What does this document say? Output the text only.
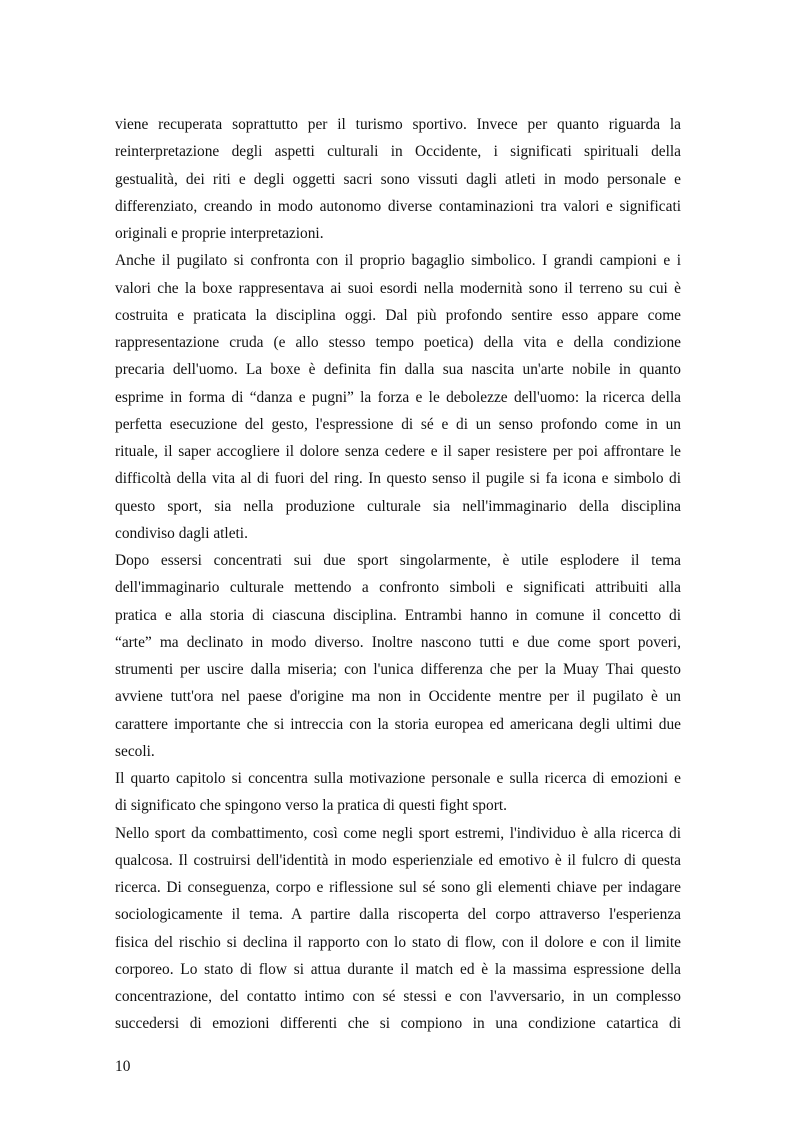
viene recuperata soprattutto per il turismo sportivo. Invece per quanto riguarda la
reinterpretazione degli aspetti culturali in Occidente, i significati spirituali della
gestualità, dei riti e degli oggetti sacri sono vissuti dagli atleti in modo personale e
differenziato, creando in modo autonomo diverse contaminazioni tra valori e significati
originali e proprie interpretazioni.
Anche il pugilato si confronta con il proprio bagaglio simbolico. I grandi campioni e i
valori che la boxe rappresentava ai suoi esordi nella modernità sono il terreno su cui è
costruita e praticata la disciplina oggi. Dal più profondo sentire esso appare come
rappresentazione cruda (e allo stesso tempo poetica) della vita e della condizione
precaria dell'uomo. La boxe è definita fin dalla sua nascita un'arte nobile in quanto
esprime in forma di “danza e pugni” la forza e le debolezze dell'uomo: la ricerca della
perfetta esecuzione del gesto, l'espressione di sé e di un senso profondo come in un
rituale, il saper accogliere il dolore senza cedere e il saper resistere per poi affrontare le
difficoltà della vita al di fuori del ring. In questo senso il pugile si fa icona e simbolo di
questo sport, sia nella produzione culturale sia nell'immaginario della disciplina
condiviso dagli atleti.
Dopo essersi concentrati sui due sport singolarmente, è utile esplodere il tema
dell'immaginario culturale mettendo a confronto simboli e significati attribuiti alla
pratica e alla storia di ciascuna disciplina. Entrambi hanno in comune il concetto di
“arte” ma declinato in modo diverso. Inoltre nascono tutti e due come sport poveri,
strumenti per uscire dalla miseria; con l'unica differenza che per la Muay Thai questo
avviene tutt'ora nel paese d'origine ma non in Occidente mentre per il pugilato è un
carattere importante che si intreccia con la storia europea ed americana degli ultimi due
secoli.
Il quarto capitolo si concentra sulla motivazione personale e sulla ricerca di emozioni e
di significato che spingono verso la pratica di questi fight sport.
Nello sport da combattimento, così come negli sport estremi, l'individuo è alla ricerca di
qualcosa. Il costruirsi dell'identità in modo esperienziale ed emotivo è il fulcro di questa
ricerca. Di conseguenza, corpo e riflessione sul sé sono gli elementi chiave per indagare
sociologicamente il tema. A partire dalla riscoperta del corpo attraverso l'esperienza
fisica del rischio si declina il rapporto con lo stato di flow, con il dolore e con il limite
corporeo. Lo stato di flow si attua durante il match ed è la massima espressione della
concentrazione, del contatto intimo con sé stessi e con l'avversario, in un complesso
succedersi di emozioni differenti che si compiono in una condizione catartica di
10
